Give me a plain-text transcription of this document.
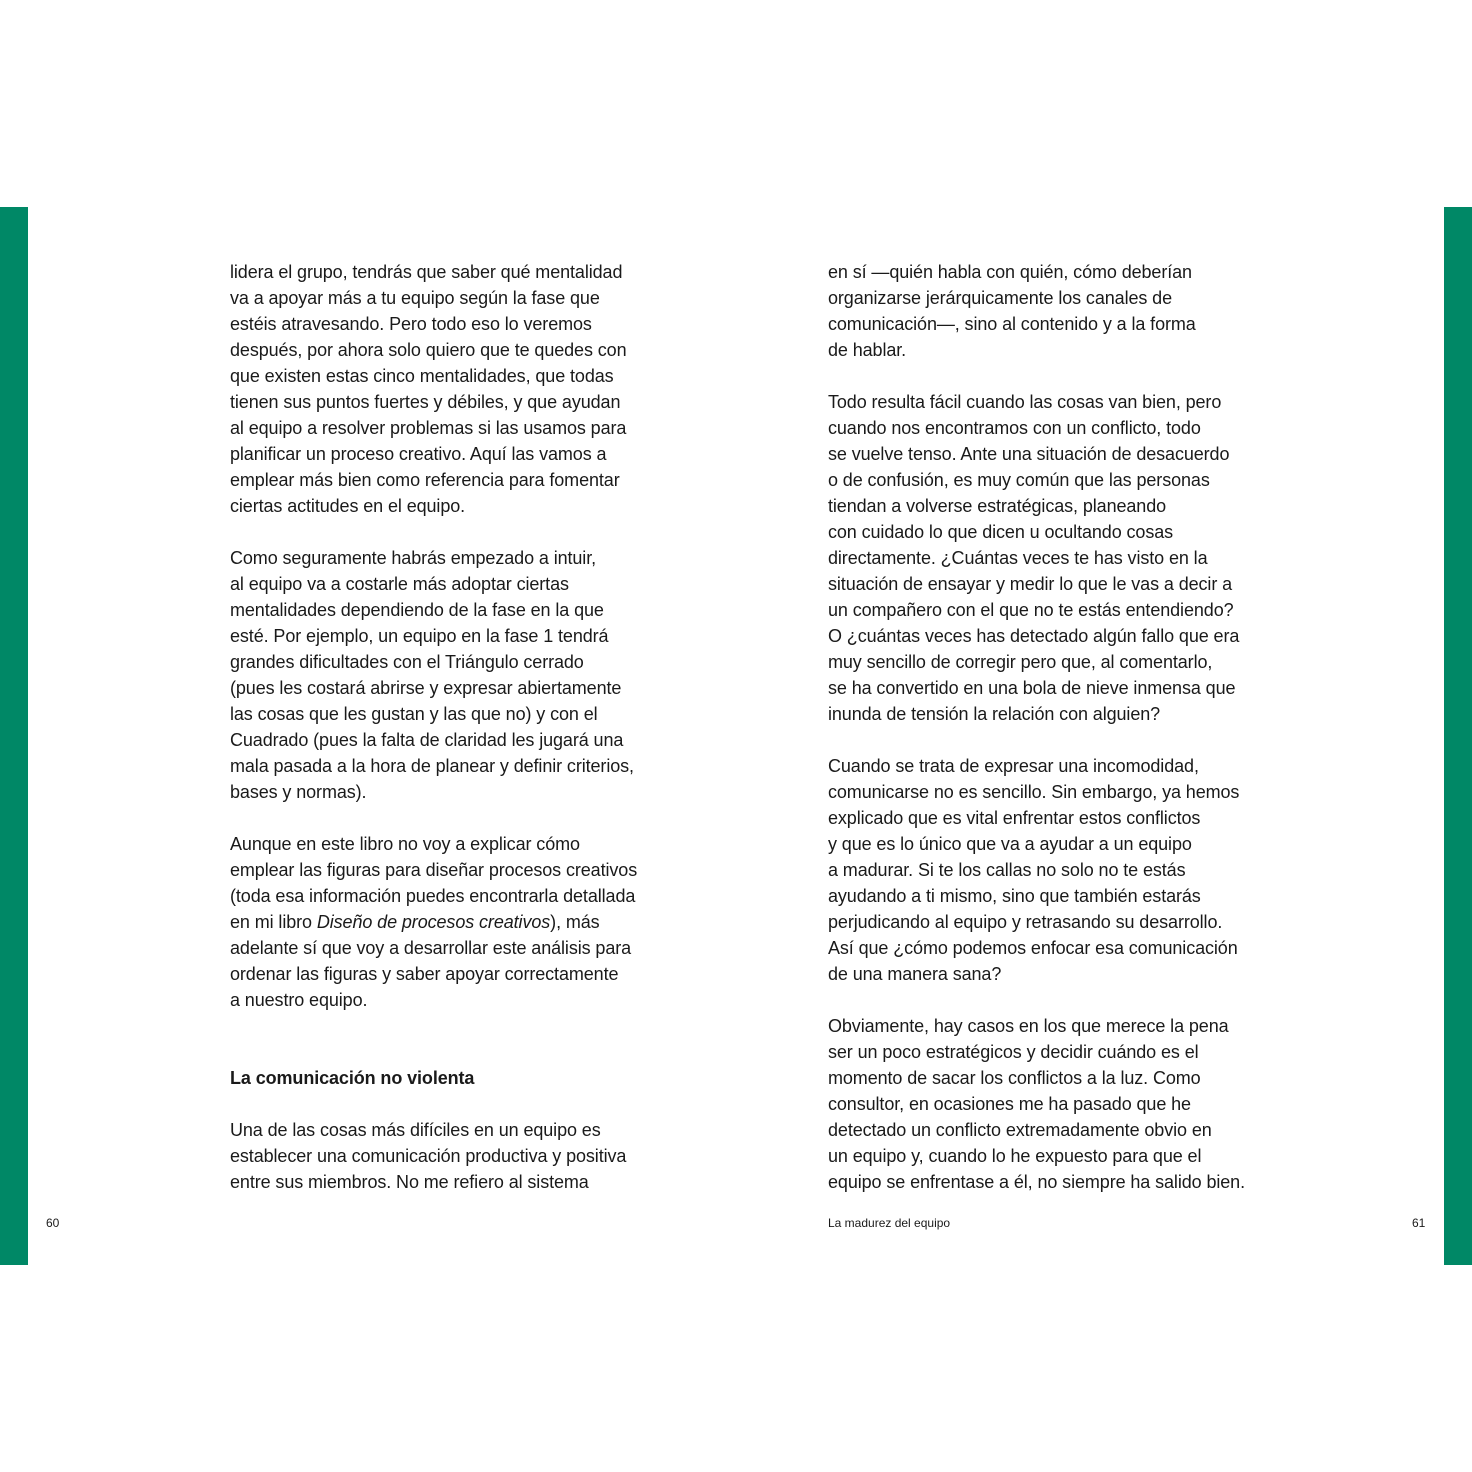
lidera el grupo, tendrás que saber qué mentalidad
va a apoyar más a tu equipo según la fase que
estéis atravesando. Pero todo eso lo veremos
después, por ahora solo quiero que te quedes con
que existen estas cinco mentalidades, que todas
tienen sus puntos fuertes y débiles, y que ayudan
al equipo a resolver problemas si las usamos para
planificar un proceso creativo. Aquí las vamos a
emplear más bien como referencia para fomentar
ciertas actitudes en el equipo.
Como seguramente habrás empezado a intuir,
al equipo va a costarle más adoptar ciertas
mentalidades dependiendo de la fase en la que
esté. Por ejemplo, un equipo en la fase 1 tendrá
grandes dificultades con el Triángulo cerrado
(pues les costará abrirse y expresar abiertamente
las cosas que les gustan y las que no) y con el
Cuadrado (pues la falta de claridad les jugará una
mala pasada a la hora de planear y definir criterios,
bases y normas).
Aunque en este libro no voy a explicar cómo
emplear las figuras para diseñar procesos creativos
(toda esa información puedes encontrarla detallada
en mi libro Diseño de procesos creativos), más
adelante sí que voy a desarrollar este análisis para
ordenar las figuras y saber apoyar correctamente
a nuestro equipo.
La comunicación no violenta
Una de las cosas más difíciles en un equipo es
establecer una comunicación productiva y positiva
entre sus miembros. No me refiero al sistema
en sí —quién habla con quién, cómo deberían
organizarse jerárquicamente los canales de
comunicación—, sino al contenido y a la forma
de hablar.
Todo resulta fácil cuando las cosas van bien, pero
cuando nos encontramos con un conflicto, todo
se vuelve tenso. Ante una situación de desacuerdo
o de confusión, es muy común que las personas
tiendan a volverse estratégicas, planeando
con cuidado lo que dicen u ocultando cosas
directamente. ¿Cuántas veces te has visto en la
situación de ensayar y medir lo que le vas a decir a
un compañero con el que no te estás entendiendo?
O ¿cuántas veces has detectado algún fallo que era
muy sencillo de corregir pero que, al comentarlo,
se ha convertido en una bola de nieve inmensa que
inunda de tensión la relación con alguien?
Cuando se trata de expresar una incomodidad,
comunicarse no es sencillo. Sin embargo, ya hemos
explicado que es vital enfrentar estos conflictos
y que es lo único que va a ayudar a un equipo
a madurar. Si te los callas no solo no te estás
ayudando a ti mismo, sino que también estarás
perjudicando al equipo y retrasando su desarrollo.
Así que ¿cómo podemos enfocar esa comunicación
de una manera sana?
Obviamente, hay casos en los que merece la pena
ser un poco estratégicos y decidir cuándo es el
momento de sacar los conflictos a la luz. Como
consultor, en ocasiones me ha pasado que he
detectado un conflicto extremadamente obvio en
un equipo y, cuando lo he expuesto para que el
equipo se enfrentase a él, no siempre ha salido bien.
60	La madurez del equipo	61
